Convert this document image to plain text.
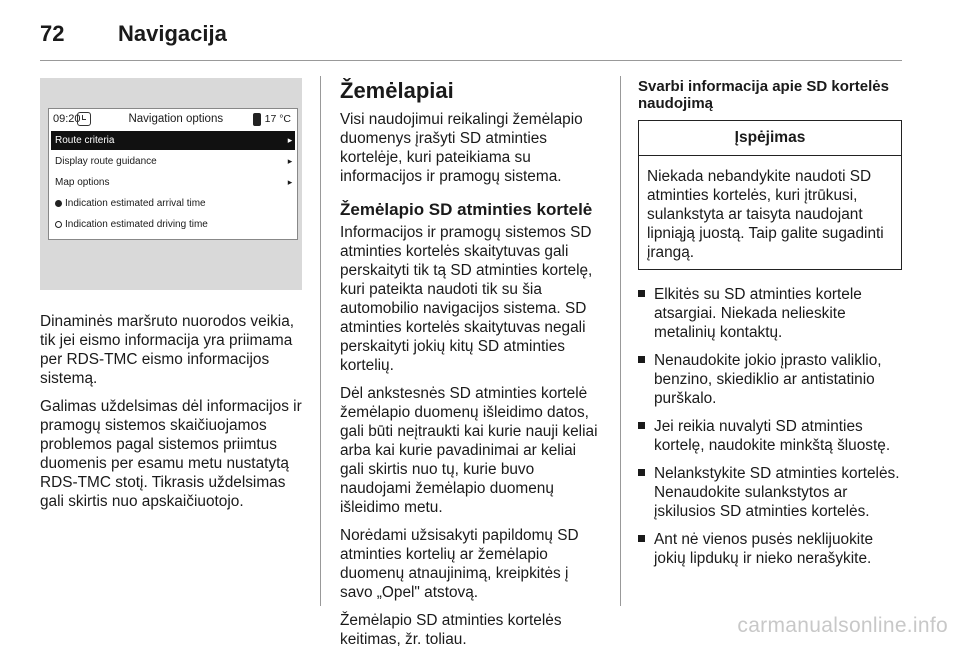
72	Navigacija
09:20	Navigation options	17 °C
Route criteria	▸
Display route guidance	▸
Map options	▸
Indication estimated arrival time
Indication estimated driving time

Dinaminės maršruto nuorodos veikia, tik jei eismo informacija yra priimama per RDS-TMC eismo informacijos sistemą.

Galimas uždelsimas dėl informacijos ir pramogų sistemos skaičiuojamos problemos pagal sistemos priimtus duomenis per esamu metu nustatytą RDS-TMC stotį. Tikrasis uždelsimas gali skirtis nuo apskaičiuotojo.

Žemėlapiai

Visi naudojimui reikalingi žemėlapio duomenys įrašyti SD atminties kortelėje, kuri pateikiama su informacijos ir pramogų sistema.

Žemėlapio SD atminties kortelė

Informacijos ir pramogų sistemos SD atminties kortelės skaitytuvas gali perskaityti tik tą SD atminties kortelę, kuri pateikta naudoti tik su šia automobilio navigacijos sistema. SD atminties kortelės skaitytuvas negali perskaityti jokių kitų SD atminties kortelių.

Dėl ankstesnės SD atminties kortelė žemėlapio duomenų išleidimo datos, gali būti neįtraukti kai kurie nauji keliai arba kai kurie pavadinimai ar keliai gali skirtis nuo tų, kurie buvo naudojami žemėlapio duomenų išleidimo metu.

Norėdami užsisakyti papildomų SD atminties kortelių ar žemėlapio duomenų atnaujinimą, kreipkitės į savo „Opel" atstovą.

Žemėlapio SD atminties kortelės keitimas, žr. toliau.

Svarbi informacija apie SD kortelės naudojimą
Įspėjimas
Niekada nebandykite naudoti SD atminties kortelės, kuri įtrūkusi, sulankstyta ar taisyta naudojant lipniąją juostą. Taip galite sugadinti įrangą.
Elkitės su SD atminties kortele atsargiai. Niekada nelieskite metalinių kontaktų.
Nenaudokite jokio įprasto valiklio, benzino, skiediklio ar antistatinio purškalo.
Jei reikia nuvalyti SD atminties kortelę, naudokite minkštą šluostę.
Nelankstykite SD atminties kortelės. Nenaudokite sulankstytos ar įskilusios SD atminties kortelės.
Ant nė vienos pusės neklijuokite jokių lipdukų ir nieko nerašykite.
carmanualsonline.info
